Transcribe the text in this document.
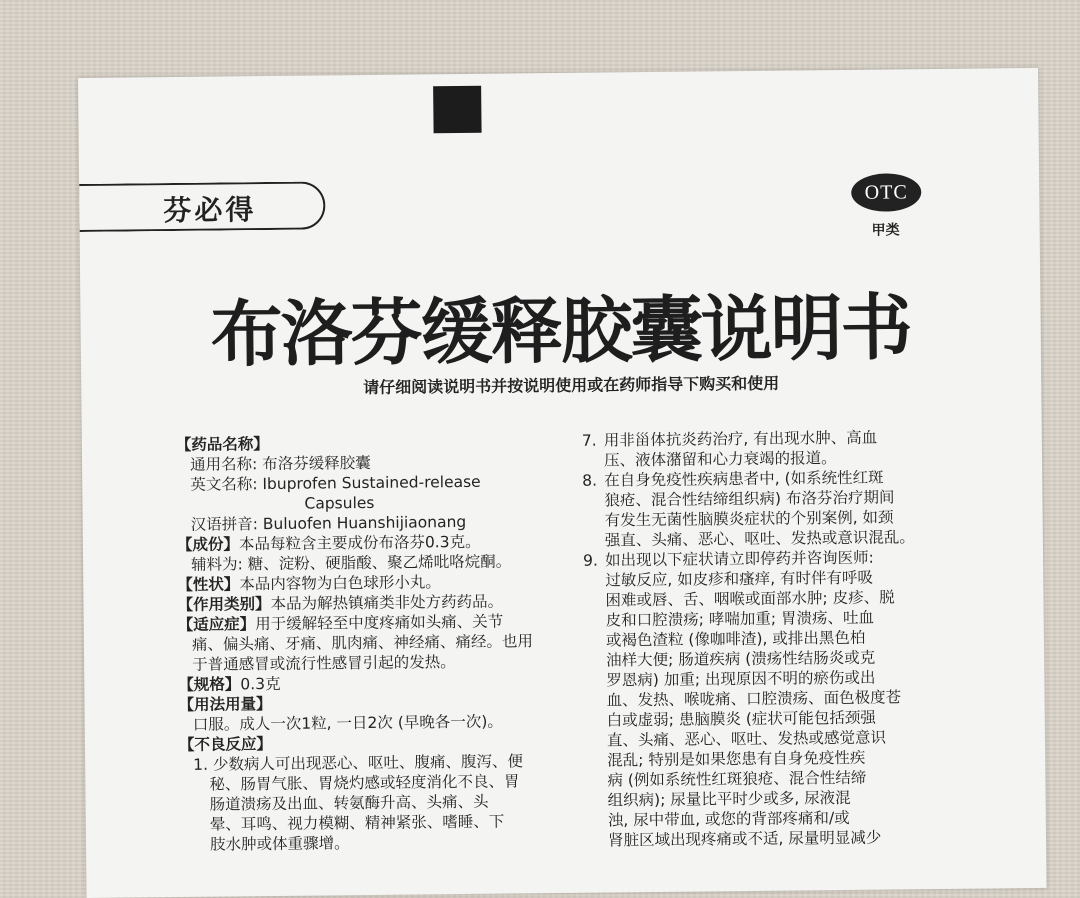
芬必得
OTC
甲类
布洛芬缓释胶囊说明书
请仔细阅读说明书并按说明使用或在药师指导下购买和使用
【药品名称】
通用名称: 布洛芬缓释胶囊
英文名称: Ibuprofen Sustained-release
Capsules
汉语拼音: Buluofen Huanshijiaonang
【成份】本品每粒含主要成份布洛芬0.3克。
辅料为: 糖、淀粉、硬脂酸、聚乙烯吡咯烷酮。
【性状】本品内容物为白色球形小丸。
【作用类别】本品为解热镇痛类非处方药药品。
【适应症】用于缓解轻至中度疼痛如头痛、关节
痛、偏头痛、牙痛、肌肉痛、神经痛、痛经。也用
于普通感冒或流行性感冒引起的发热。
【规格】0.3克
【用法用量】
口服。成人一次1粒, 一日2次 (早晚各一次)。
【不良反应】
1. 少数病人可出现恶心、呕吐、腹痛、腹泻、便
秘、肠胃气胀、胃烧灼感或轻度消化不良、胃
肠道溃疡及出血、转氨酶升高、头痛、头
晕、耳鸣、视力模糊、精神紧张、嗜睡、下
肢水肿或体重骤增。
7. 用非甾体抗炎药治疗, 有出现水肿、高血
压、液体潴留和心力衰竭的报道。
8. 在自身免疫性疾病患者中, (如系统性红斑
狼疮、混合性结缔组织病) 布洛芬治疗期间
有发生无菌性脑膜炎症状的个别案例, 如颈
强直、头痛、恶心、呕吐、发热或意识混乱。
9. 如出现以下症状请立即停药并咨询医师:
过敏反应, 如皮疹和瘙痒, 有时伴有呼吸
困难或唇、舌、咽喉或面部水肿; 皮疹、脱
皮和口腔溃疡; 哮喘加重; 胃溃疡、吐血
或褐色渣粒 (像咖啡渣), 或排出黑色柏
油样大便; 肠道疾病 (溃疡性结肠炎或克
罗恩病) 加重; 出现原因不明的瘀伤或出
血、发热、喉咙痛、口腔溃疡、面色极度苍
白或虚弱; 患脑膜炎 (症状可能包括颈强
直、头痛、恶心、呕吐、发热或感觉意识
混乱; 特别是如果您患有自身免疫性疾
病 (例如系统性红斑狼疮、混合性结缔
组织病); 尿量比平时少或多, 尿液混
浊, 尿中带血, 或您的背部疼痛和/或
肾脏区域出现疼痛或不适, 尿量明显减少
